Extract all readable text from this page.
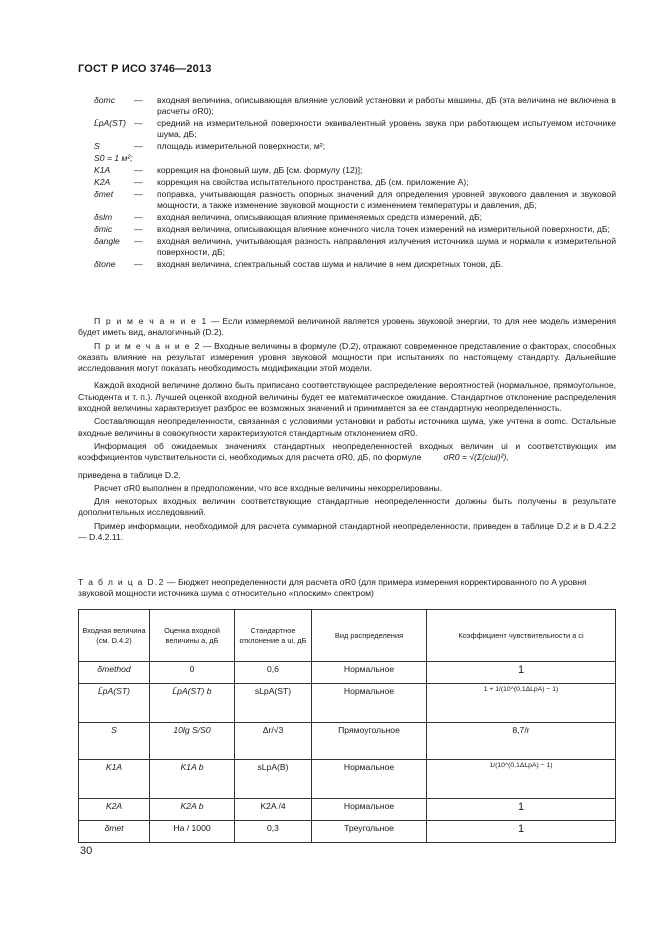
ГОСТ Р ИСО 3746—2013
δomc	—	входная величина, описывающая влияние условий установки и работы машины, дБ (эта величина не включена в расчеты σR0);
L̄pA(ST) —	средний на измерительной поверхности эквивалентный уровень звука при работающем испытуемом источнике шума, дБ;
S	—	площадь измерительной поверхности, м²;
S0 = 1 м²;
K1A	—	коррекция на фоновый шум, дБ [см. формулу (12)];
K2A	—	коррекция на свойства испытательного пространства, дБ (см. приложение А);
δmet	—	поправка, учитывающая разность опорных значений для определения уровней звукового давления и звуковой мощности, а также изменение звуковой мощности с изменением температуры и давления, дБ;
δslm	—	входная величина, описывающая влияние применяемых средств измерений, дБ;
δmic	—	входная величина, описывающая влияние конечного числа точек измерений на измерительной поверхности, дБ;
δangle	—	входная величина, учитывающая разность направления излучения источника шума и нормали к измерительной поверхности, дБ;
δtone	—	входная величина, спектральный состав шума и наличие в нем дискретных тонов, дБ.

П р и м е ч а н и е 1 — Если измеряемой величиной является уровень звуковой энергии, то для нее модель измерения будет иметь вид, аналогичный (D.2).

П р и м е ч а н и е 2 — Входные величины в формуле (D.2), отражают современное представление о факторах, способных оказать влияние на результат измерения уровня звуковой мощности при испытаниях по настоящему стандарту. Дальнейшие исследования могут показать необходимость модификации этой модели.

Каждой входной величине должно быть приписано соответствующее распределение вероятностей (нормальное, прямоугольное, Стьюдента и т. п.). Лучшей оценкой входной величины будет ее математическое ожидание. Стандартное отклонение распределения входной величины характеризует разброс ее возможных значений и принимается за ее стандартную неопределенность.

Составляющая неопределенности, связанная с условиями установки и работы источника шума, уже учтена в σomc. Остальные входные величины в совокупности характеризуются стандартным отклонением σR0.

Информация об ожидаемых значениях стандартных неопределенностей входных величин ui и соответствующих им коэффициентов чувствительности ci, необходимых для расчета σR0, дБ, по формуле	σR0 = √(Σ(ciui)²),

приведена в таблице D.2.

Расчет σR0 выполнен в предположении, что все входные величины некоррелированы.

Для некоторых входных величин соответствующие стандартные неопределенности должны быть получены в результате дополнительных исследований.

Пример информации, необходимой для расчета суммарной стандартной неопределенности, приведен в таблице D.2 и в D.4.2.2 — D.4.2.11.

Т а б л и ц а D.2 — Бюджет неопределенности для расчета σR0 (для примера измерения корректированного по A уровня звуковой мощности источника шума с относительно «плоским» спектром)
Входная величина (см. D.4.2)	Оценка входной величины a, дБ	Стандартное отклонение a ui, дБ	Вид распределения	Коэффициент чувствительности a ci
δmethod	0	0,6	Нормальное	1
L̄pA(ST)	L̄pA(ST) b	sLpA(ST)	Нормальное	1 + 1/(10^(0,1ΔLpA) − 1)
S	10lg S/S0	Δr/√3	Прямоугольное	8,7/r
K1A	K1A b	sLpA(B)	Нормальное	1/(10^(0,1ΔLpA) − 1)
K2A	K2A b	K2A /4	Нормальное	1
δmet	Ha / 1000	0,3	Треугольное	1
30
